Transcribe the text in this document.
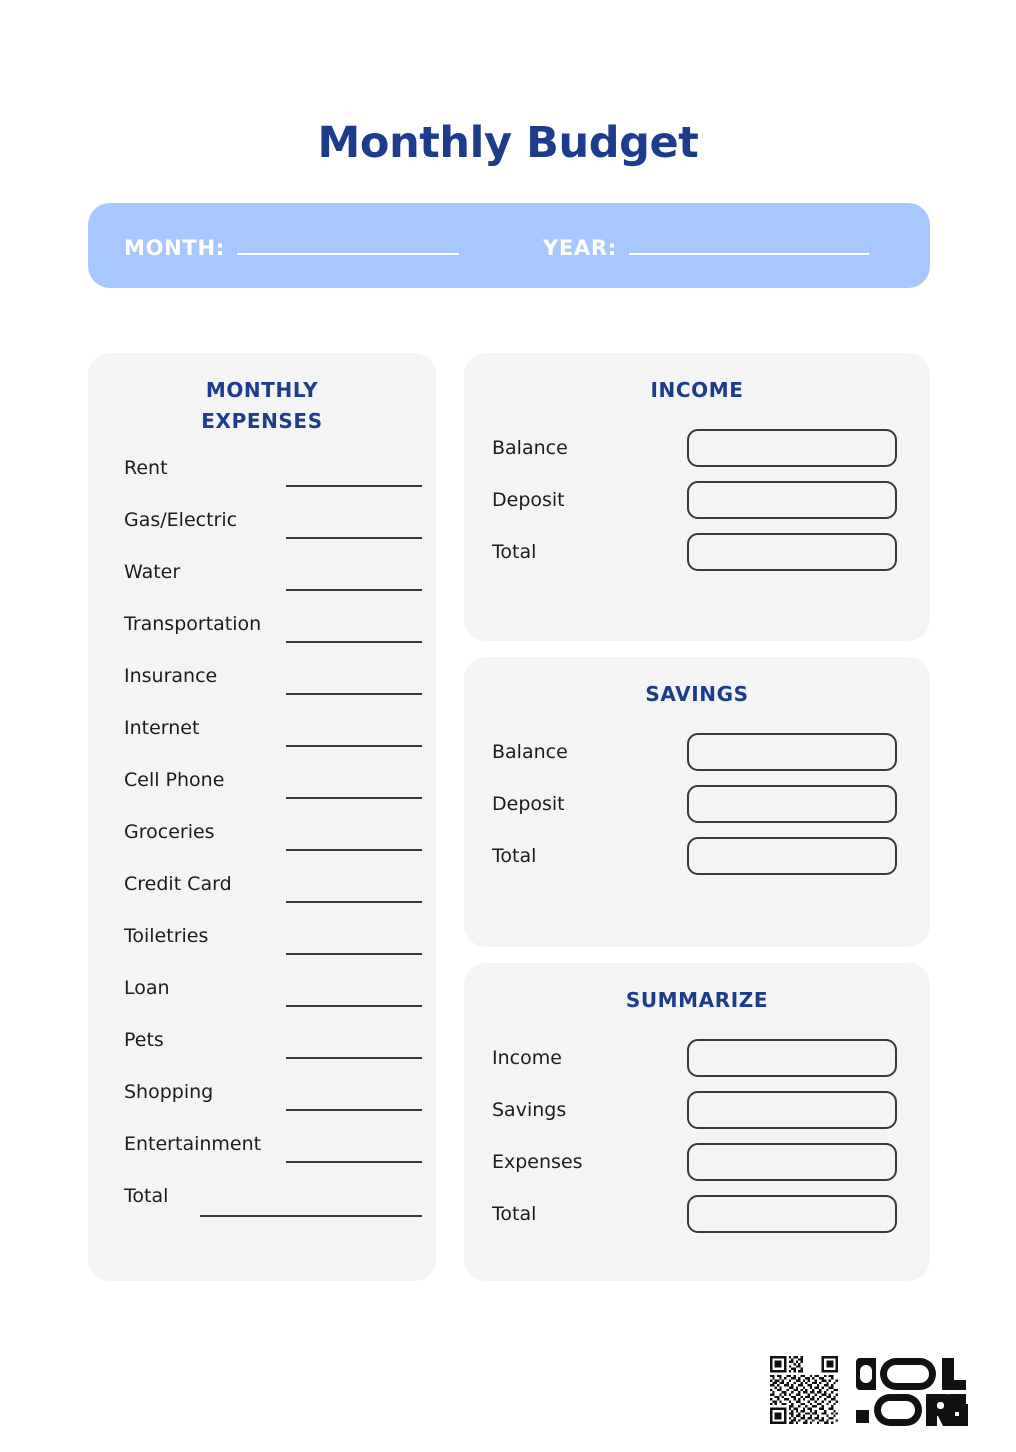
Monthly Budget
MONTH:	YEAR:
MONTHLY
EXPENSES
Rent
Gas/Electric
Water
Transportation
Insurance
Internet
Cell Phone
Groceries
Credit Card
Toiletries
Loan
Pets
Shopping
Entertainment
Total
INCOME
Balance
Deposit
Total
SAVINGS
Balance
Deposit
Total
SUMMARIZE
Income
Savings
Expenses
Total
